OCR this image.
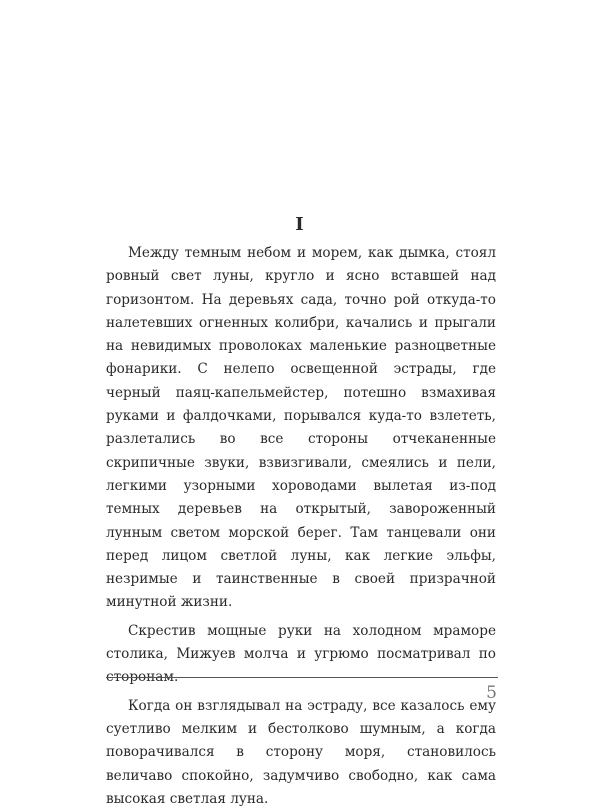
I

Между темным небом и морем, как дымка, стоял ровный свет луны, кругло и ясно вставшей над горизонтом. На деревьях сада, точно рой откуда-то налетевших огненных колибри, качались и прыгали на невидимых проволоках маленькие разноцветные фонарики. С нелепо освещенной эстрады, где черный паяц-капельмейстер, потешно взмахивая руками и фалдочками, порывался куда-то взлететь, разлетались во все стороны отчеканенные скрипичные звуки, взвизгивали, смеялись и пели, легкими узорными хороводами вылетая из-под темных деревьев на открытый, завороженный лунным светом морской берег. Там танцевали они перед лицом светлой луны, как легкие эльфы, незримые и таинственные в своей призрачной минутной жизни.

Скрестив мощные руки на холодном мраморе столика, Мижуев молча и угрюмо посматривал по сторонам.

Когда он взглядывал на эстраду, все казалось ему суетливо мелким и бестолково шумным, а когда поворачивался в сторону моря, становилось величаво спокойно, задумчиво свободно, как сама высокая светлая луна.

5
